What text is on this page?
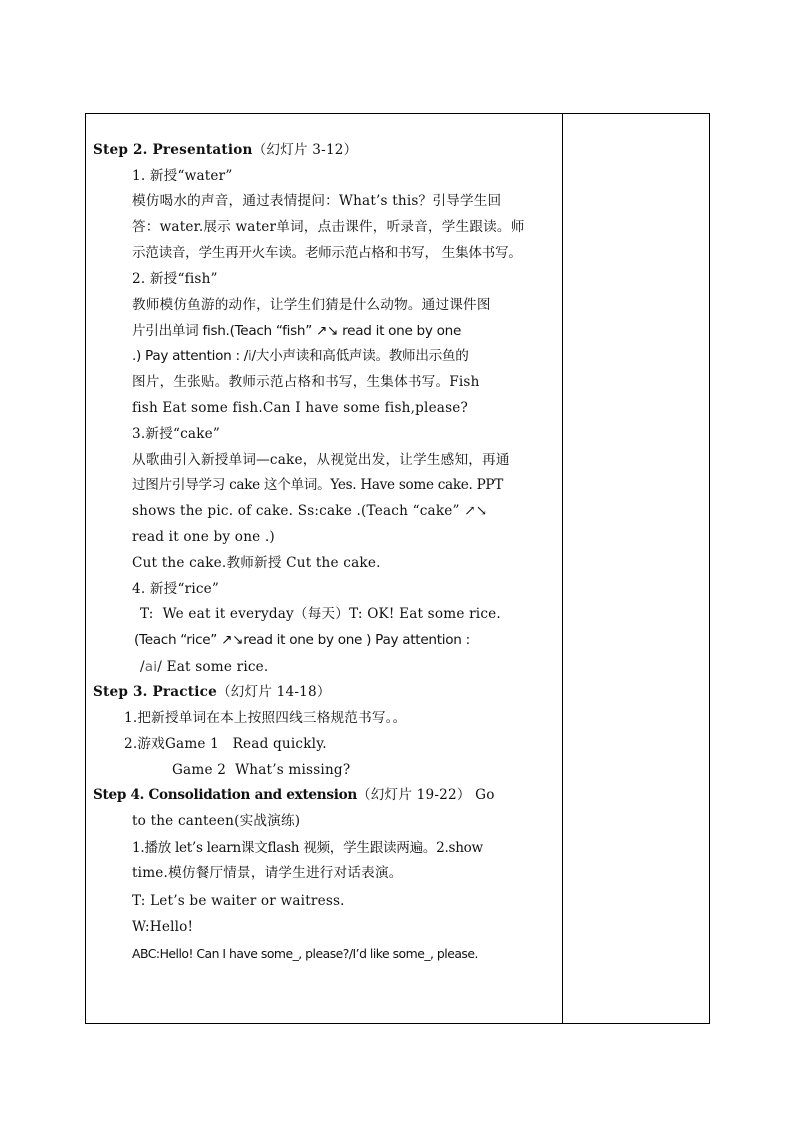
Step 2. Presentation（幻灯片 3-12）
1. 新授“water”
模仿喝水的声音，通过表情提问：What’s this？引导学生回
答：water.展示 water单词，点击课件，听录音，学生跟读。师
示范读音，学生再开火车读。老师示范占格和书写， 生集体书写。
2. 新授“fish”
教师模仿鱼游的动作，让学生们猜是什么动物。通过课件图
片引出单词 fish.(Teach “fish” ↗↘ read it one by one
.) Pay attention : /i/大小声读和高低声读。教师出示鱼的
图片，生张贴。教师示范占格和书写，生集体书写。Fish
fish Eat some fish.Can I have some fish,please?
3.新授“cake”
从歌曲引入新授单词—cake，从视觉出发，让学生感知，再通
过图片引导学习 cake 这个单词。Yes. Have some cake. PPT
shows the pic. of cake. Ss:cake .(Teach “cake” ↗↘
read it one by one .)
Cut the cake.教师新授 Cut the cake.
4. 新授“rice”
T:  We eat it everyday（每天）T: OK! Eat some rice.
(Teach “rice” ↗↘read it one by one ) Pay attention :
/ai/ Eat some rice.
Step 3. Practice（幻灯片 14-18）
1.把新授单词在本上按照四线三格规范书写。。
2.游戏Game 1   Read quickly.
Game 2  What’s missing?
Step 4. Consolidation and extension（幻灯片 19-22） Go
to the canteen(实战演练)
1.播放 let’s learn课文flash 视频，学生跟读两遍。2.show
time.模仿餐厅情景，请学生进行对话表演。
T: Let’s be waiter or waitress.
W:Hello!
ABC:Hello! Can I have some_, please?/I’d like some_, please.
